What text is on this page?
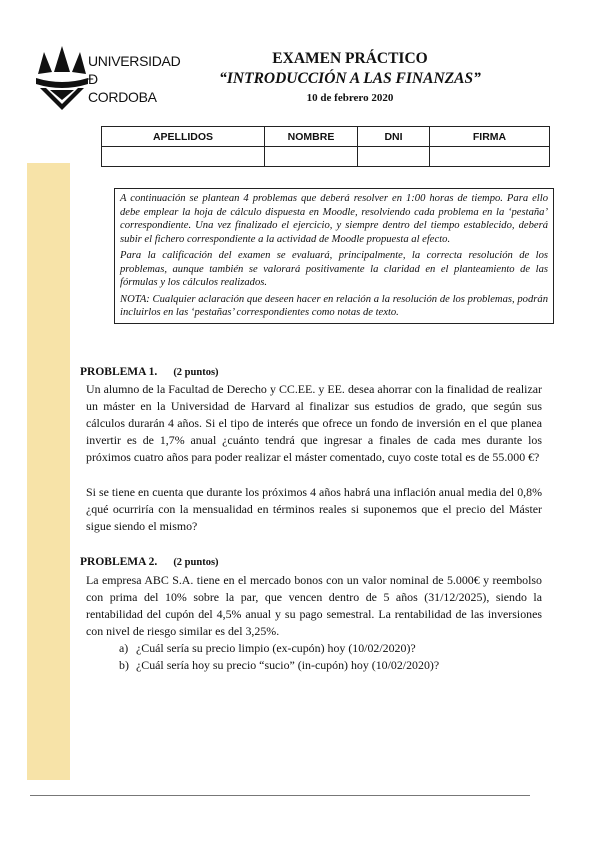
UNIVERSIDAD
Ð
CORDOBA
EXAMEN PRÁCTICO
“INTRODUCCIÓN A LAS FINANZAS”
10 de febrero 2020
APELLIDOS	NOMBRE	DNI	FIRMA

A continuación se plantean 4 problemas que deberá resolver en 1:00 horas de tiempo. Para ello debe emplear la hoja de cálculo dispuesta en Moodle, resolviendo cada problema en la ‘pestaña’ correspondiente. Una vez finalizado el ejercicio, y siempre dentro del tiempo establecido, deberá subir el fichero correspondiente a la actividad de Moodle propuesta al efecto.

Para la calificación del examen se evaluará, principalmente, la correcta resolución de los problemas, aunque también se valorará positivamente la claridad en el planteamiento de las fórmulas y los cálculos realizados.

NOTA: Cualquier aclaración que deseen hacer en relación a la resolución de los problemas, podrán incluirlos en las ‘pestañas’ correspondientes como notas de texto.

PROBLEMA 1. (2 puntos)

Un alumno de la Facultad de Derecho y CC.EE. y EE. desea ahorrar con la finalidad de realizar un máster en la Universidad de Harvard al finalizar sus estudios de grado, que según sus cálculos durarán 4 años. Si el tipo de interés que ofrece un fondo de inversión en el que planea invertir es de 1,7% anual ¿cuánto tendrá que ingresar a finales de cada mes durante los próximos cuatro años para poder realizar el máster comentado, cuyo coste total es de 55.000 €?

Si se tiene en cuenta que durante los próximos 4 años habrá una inflación anual media del 0,8% ¿qué ocurriría con la mensualidad en términos reales si suponemos que el precio del Máster sigue siendo el mismo?

PROBLEMA 2. (2 puntos)

La empresa ABC S.A. tiene en el mercado bonos con un valor nominal de 5.000€ y reembolso con prima del 10% sobre la par, que vencen dentro de 5 años (31/12/2025), siendo la rentabilidad del cupón del 4,5% anual y su pago semestral. La rentabilidad de las inversiones con nivel de riesgo similar es del 3,25%.

a) ¿Cuál sería su precio limpio (ex-cupón) hoy (10/02/2020)?
b) ¿Cuál sería hoy su precio “sucio” (in-cupón) hoy (10/02/2020)?
